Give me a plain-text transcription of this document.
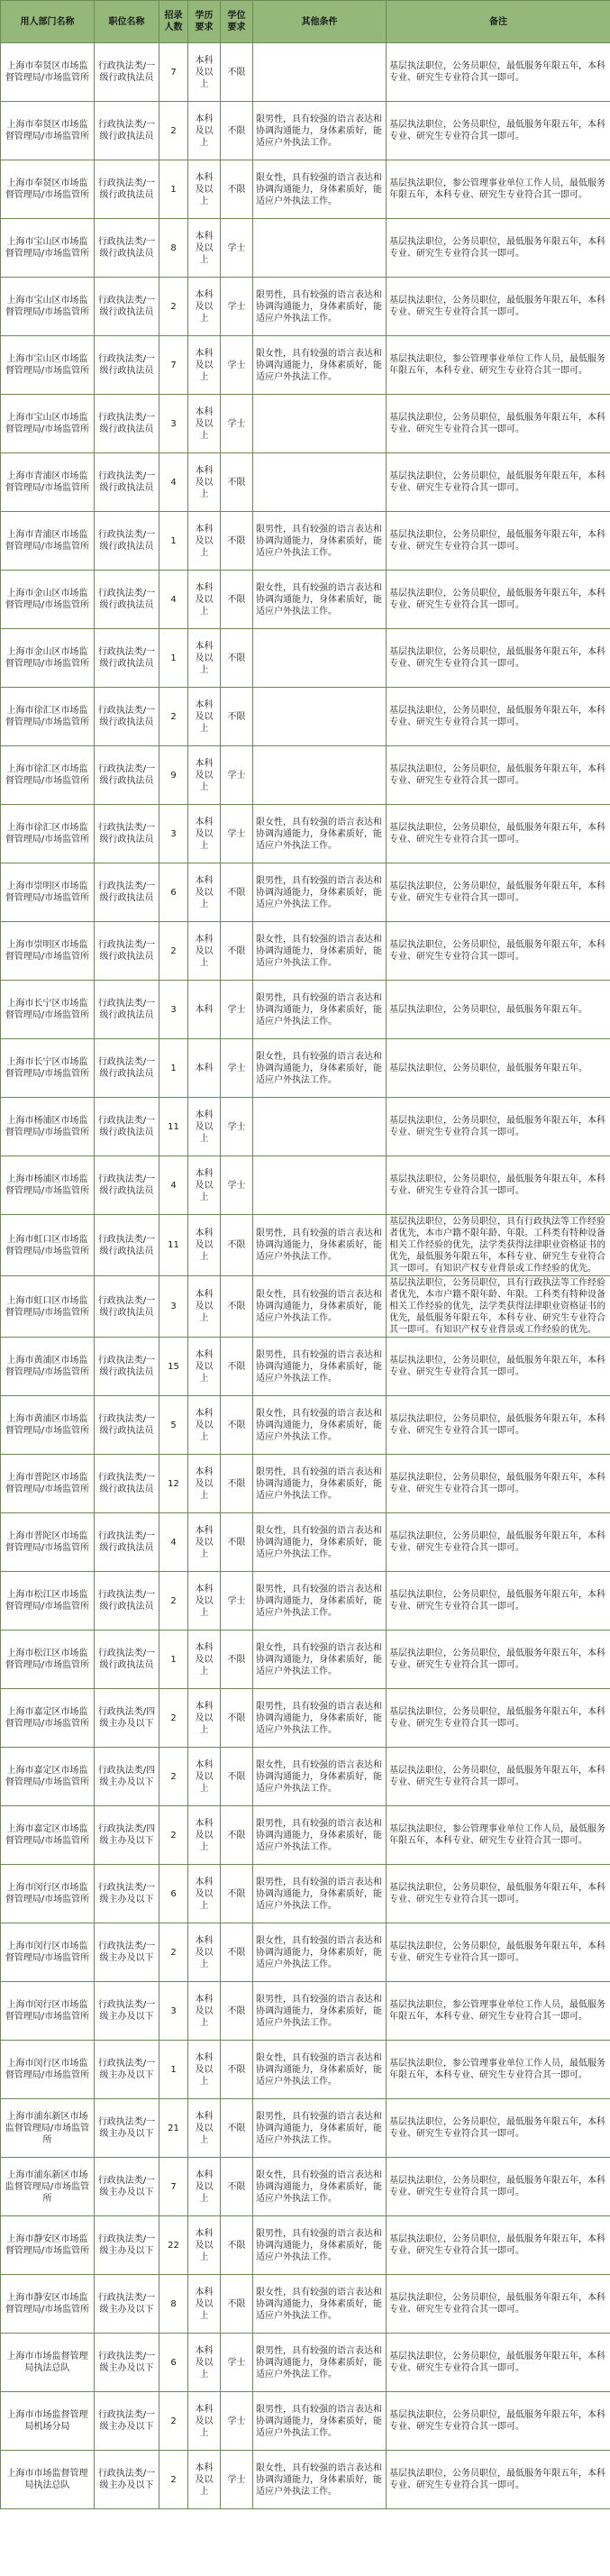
用人部门名称	职位名称	招录人数	学历要求	学位要求	其他条件	备注
上海市奉贤区市场监督管理局/市场监管所	行政执法类/一级行政执法员	7	本科及以上	不限		基层执法职位，公务员职位，最低服务年限五年，本科专业、研究生专业符合其一即可。
上海市奉贤区市场监督管理局/市场监管所	行政执法类/一级行政执法员	2	本科及以上	不限	限男性，具有较强的语言表达和协调沟通能力，身体素质好，能适应户外执法工作。	基层执法职位，公务员职位，最低服务年限五年，本科专业、研究生专业符合其一即可。
上海市奉贤区市场监督管理局/市场监管所	行政执法类/一级行政执法员	1	本科及以上	不限	限女性，具有较强的语言表达和协调沟通能力，身体素质好，能适应户外执法工作。	基层执法职位，参公管理事业单位工作人员，最低服务年限五年，本科专业、研究生专业符合其一即可。
上海市宝山区市场监督管理局/市场监管所	行政执法类/一级行政执法员	8	本科及以上	学士		基层执法职位，公务员职位，最低服务年限五年，本科专业、研究生专业符合其一即可。
上海市宝山区市场监督管理局/市场监管所	行政执法类/一级行政执法员	2	本科及以上	学士	限男性，具有较强的语言表达和协调沟通能力，身体素质好，能适应户外执法工作。	基层执法职位，公务员职位，最低服务年限五年，本科专业、研究生专业符合其一即可。
上海市宝山区市场监督管理局/市场监管所	行政执法类/一级行政执法员	7	本科及以上	学士	限女性，具有较强的语言表达和协调沟通能力，身体素质好，能适应户外执法工作。	基层执法职位，参公管理事业单位工作人员，最低服务年限五年，本科专业、研究生专业符合其一即可。
上海市宝山区市场监督管理局/市场监管所	行政执法类/一级行政执法员	3	本科及以上	学士		基层执法职位，公务员职位，最低服务年限五年，本科专业、研究生专业符合其一即可。
上海市青浦区市场监督管理局/市场监管所	行政执法类/一级行政执法员	4	本科及以上	不限		基层执法职位，公务员职位，最低服务年限五年，本科专业、研究生专业符合其一即可。
上海市青浦区市场监督管理局/市场监管所	行政执法类/一级行政执法员	1	本科及以上	不限	限男性，具有较强的语言表达和协调沟通能力，身体素质好，能适应户外执法工作。	基层执法职位，公务员职位，最低服务年限五年，本科专业、研究生专业符合其一即可。
上海市金山区市场监督管理局/市场监管所	行政执法类/一级行政执法员	4	本科及以上	不限	限女性，具有较强的语言表达和协调沟通能力，身体素质好，能适应户外执法工作。	基层执法职位，公务员职位，最低服务年限五年，本科专业、研究生专业符合其一即可。
上海市金山区市场监督管理局/市场监管所	行政执法类/一级行政执法员	1	本科及以上	不限		基层执法职位，公务员职位，最低服务年限五年，本科专业、研究生专业符合其一即可。
上海市徐汇区市场监督管理局/市场监管所	行政执法类/一级行政执法员	2	本科及以上	不限		基层执法职位，公务员职位，最低服务年限五年，本科专业、研究生专业符合其一即可。
上海市徐汇区市场监督管理局/市场监管所	行政执法类/一级行政执法员	9	本科及以上	学士		基层执法职位，公务员职位，最低服务年限五年，本科专业、研究生专业符合其一即可。
上海市徐汇区市场监督管理局/市场监管所	行政执法类/一级行政执法员	3	本科及以上	学士	限女性，具有较强的语言表达和协调沟通能力，身体素质好，能适应户外执法工作。	基层执法职位，公务员职位，最低服务年限五年，本科专业、研究生专业符合其一即可。
上海市崇明区市场监督管理局/市场监管所	行政执法类/一级行政执法员	6	本科及以上	不限	限男性，具有较强的语言表达和协调沟通能力，身体素质好，能适应户外执法工作。	基层执法职位，公务员职位，最低服务年限五年，本科专业、研究生专业符合其一即可。
上海市崇明区市场监督管理局/市场监管所	行政执法类/一级行政执法员	2	本科及以上	不限	限女性，具有较强的语言表达和协调沟通能力，身体素质好，能适应户外执法工作。	基层执法职位，公务员职位，最低服务年限五年，本科专业、研究生专业符合其一即可。
上海市长宁区市场监督管理局/市场监管所	行政执法类/一级行政执法员	3	本科	学士	限男性，具有较强的语言表达和协调沟通能力，身体素质好，能适应户外执法工作。	基层执法职位，公务员职位，最低服务年限五年。
上海市长宁区市场监督管理局/市场监管所	行政执法类/一级行政执法员	1	本科	学士	限女性，具有较强的语言表达和协调沟通能力，身体素质好，能适应户外执法工作。	基层执法职位，公务员职位，最低服务年限五年。
上海市杨浦区市场监督管理局/市场监管所	行政执法类/一级行政执法员	11	本科及以上	学士		基层执法职位，公务员职位，最低服务年限五年，本科专业、研究生专业符合其一即可。
上海市杨浦区市场监督管理局/市场监管所	行政执法类/一级行政执法员	4	本科及以上	学士		基层执法职位，公务员职位，最低服务年限五年，本科专业、研究生专业符合其一即可。
上海市虹口区市场监督管理局/市场监管所	行政执法类/一级行政执法员	11	本科及以上	不限	限男性，具有较强的语言表达和协调沟通能力，身体素质好，能适应户外执法工作。	基层执法职位，公务员职位，具有行政执法等工作经验者优先，本市户籍不限年龄、年限。工科类有特种设备相关工作经验的优先，法学类获得法律职业资格证书的优先，最低服务年限五年，本科专业、研究生专业符合其一即可。有知识产权专业背景或工作经验的优先。
上海市虹口区市场监督管理局/市场监管所	行政执法类/一级行政执法员	3	本科及以上	不限	限女性，具有较强的语言表达和协调沟通能力，身体素质好，能适应户外执法工作。	基层执法职位，公务员职位，具有行政执法等工作经验者优先，本市户籍不限年龄、年限。工科类有特种设备相关工作经验的优先，法学类获得法律职业资格证书的优先，最低服务年限五年，本科专业、研究生专业符合其一即可。有知识产权专业背景或工作经验的优先。
上海市黄浦区市场监督管理局/市场监管所	行政执法类/一级行政执法员	15	本科及以上	不限	限男性，具有较强的语言表达和协调沟通能力，身体素质好，能适应户外执法工作。	基层执法职位，公务员职位，最低服务年限五年，本科专业、研究生专业符合其一即可。
上海市黄浦区市场监督管理局/市场监管所	行政执法类/一级行政执法员	5	本科及以上	不限	限女性，具有较强的语言表达和协调沟通能力，身体素质好，能适应户外执法工作。	基层执法职位，公务员职位，最低服务年限五年，本科专业、研究生专业符合其一即可。
上海市普陀区市场监督管理局/市场监管所	行政执法类/一级行政执法员	12	本科及以上	不限	限男性，具有较强的语言表达和协调沟通能力，身体素质好，能适应户外执法工作。	基层执法职位，公务员职位，最低服务年限五年，本科专业、研究生专业符合其一即可。
上海市普陀区市场监督管理局/市场监管所	行政执法类/一级行政执法员	4	本科及以上	不限	限女性，具有较强的语言表达和协调沟通能力，身体素质好，能适应户外执法工作。	基层执法职位，公务员职位，最低服务年限五年，本科专业、研究生专业符合其一即可。
上海市松江区市场监督管理局/市场监管所	行政执法类/一级行政执法员	2	本科及以上	学士	限男性，具有较强的语言表达和协调沟通能力，身体素质好，能适应户外执法工作。	基层执法职位，公务员职位，最低服务年限五年，本科专业、研究生专业符合其一即可。
上海市松江区市场监督管理局/市场监管所	行政执法类/一级行政执法员	1	本科及以上	不限	限女性，具有较强的语言表达和协调沟通能力，身体素质好，能适应户外执法工作。	基层执法职位，公务员职位，最低服务年限五年，本科专业、研究生专业符合其一即可。
上海市嘉定区市场监督管理局/市场监管所	行政执法类/四级主办及以下	2	本科及以上	不限	限男性，具有较强的语言表达和协调沟通能力，身体素质好，能适应户外执法工作。	基层执法职位，公务员职位，最低服务年限五年，本科专业、研究生专业符合其一即可。
上海市嘉定区市场监督管理局/市场监管所	行政执法类/四级主办及以下	2	本科及以上	不限	限女性，具有较强的语言表达和协调沟通能力，身体素质好，能适应户外执法工作。	基层执法职位，公务员职位，最低服务年限五年，本科专业、研究生专业符合其一即可。
上海市嘉定区市场监督管理局/市场监管所	行政执法类/四级主办及以下	2	本科及以上	不限	限男性，具有较强的语言表达和协调沟通能力，身体素质好，能适应户外执法工作。	基层执法职位，参公管理事业单位工作人员，最低服务年限五年，本科专业、研究生专业符合其一即可。
上海市闵行区市场监督管理局/市场监管所	行政执法类/一级主办及以下	6	本科及以上	不限	限男性，具有较强的语言表达和协调沟通能力，身体素质好，能适应户外执法工作。	基层执法职位，公务员职位，最低服务年限五年，本科专业、研究生专业符合其一即可。
上海市闵行区市场监督管理局/市场监管所	行政执法类/一级主办及以下	2	本科及以上	不限	限女性，具有较强的语言表达和协调沟通能力，身体素质好，能适应户外执法工作。	基层执法职位，公务员职位，最低服务年限五年，本科专业、研究生专业符合其一即可。
上海市闵行区市场监督管理局/市场监管所	行政执法类/一级主办及以下	3	本科及以上	不限	限男性，具有较强的语言表达和协调沟通能力，身体素质好，能适应户外执法工作。	基层执法职位，参公管理事业单位工作人员，最低服务年限五年，本科专业、研究生专业符合其一即可。
上海市闵行区市场监督管理局/市场监管所	行政执法类/一级主办及以下	1	本科及以上	不限	限女性，具有较强的语言表达和协调沟通能力，身体素质好，能适应户外执法工作。	基层执法职位，参公管理事业单位工作人员，最低服务年限五年，本科专业、研究生专业符合其一即可。
上海市浦东新区市场监督管理局/市场监管所	行政执法类/一级主办及以下	21	本科及以上	不限	限男性，具有较强的语言表达和协调沟通能力，身体素质好，能适应户外执法工作。	基层执法职位，公务员职位，最低服务年限五年，本科专业、研究生专业符合其一即可。
上海市浦东新区市场监督管理局/市场监管所	行政执法类/一级主办及以下	7	本科及以上	不限	限女性，具有较强的语言表达和协调沟通能力，身体素质好，能适应户外执法工作。	基层执法职位，公务员职位，最低服务年限五年，本科专业、研究生专业符合其一即可。
上海市静安区市场监督管理局/市场监管所	行政执法类/一级主办及以下	22	本科及以上	不限	限男性，具有较强的语言表达和协调沟通能力，身体素质好，能适应户外执法工作。	基层执法职位，公务员职位，最低服务年限五年，本科专业、研究生专业符合其一即可。
上海市静安区市场监督管理局/市场监管所	行政执法类/一级主办及以下	8	本科及以上	不限	限女性，具有较强的语言表达和协调沟通能力，身体素质好，能适应户外执法工作。	基层执法职位，公务员职位，最低服务年限五年，本科专业、研究生专业符合其一即可。
上海市市场监督管理局执法总队	行政执法类/一级主办及以下	6	本科及以上	学士	限男性，具有较强的语言表达和协调沟通能力，身体素质好，能适应户外执法工作。	基层执法职位，公务员职位，最低服务年限五年，本科专业、研究生专业符合其一即可。
上海市市场监督管理局机场分局	行政执法类/一级主办及以下	2	本科及以上	学士	限男性，具有较强的语言表达和协调沟通能力，身体素质好，能适应户外执法工作。	基层执法职位，公务员职位，最低服务年限五年，本科专业、研究生专业符合其一即可。
上海市市场监督管理局执法总队	行政执法类/一级主办及以下	2	本科及以上	学士	限女性，具有较强的语言表达和协调沟通能力，身体素质好，能适应户外执法工作。	基层执法职位，公务员职位，最低服务年限五年，本科专业、研究生专业符合其一即可。
